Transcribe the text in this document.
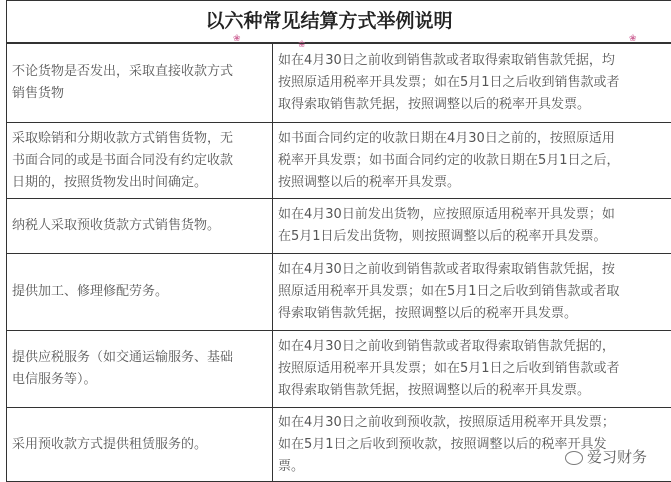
以六种常见结算方式举例说明
❀
❀
❀
不论货物是否发出，采取直接收款方式
销售货物	如在4月30日之前收到销售款或者取得索取销售款凭据，均
按照原适用税率开具发票；如在5月1日之后收到销售款或者
取得索取销售款凭据，按照调整以后的税率开具发票。

采取赊销和分期收款方式销售货物，无
书面合同的或是书面合同没有约定收款
日期的，按照货物发出时间确定。	如书面合同约定的收款日期在4月30日之前的，按照原适用
税率开具发票；如书面合同约定的收款日期在5月1日之后，
按照调整以后的税率开具发票。

纳税人采取预收货款方式销售货物。	如在4月30日前发出货物，应按照原适用税率开具发票；如
在5月1日后发出货物，则按照调整以后的税率开具发票。

提供加工、修理修配劳务。	如在4月30日之前收到销售款或者取得索取销售款凭据，按
照原适用税率开具发票；如在5月1日之后收到销售款或者取
得索取销售款凭据，按照调整以后的税率开具发票。

提供应税服务（如交通运输服务、基础
电信服务等）。	如在4月30日之前收到销售款或者取得索取销售款凭据的，
按照原适用税率开具发票；如在5月1日之后收到销售款或者
取得索取销售款凭据，按照调整以后的税率开具发票。

采用预收款方式提供租赁服务的。	如在4月30日之前收到预收款，按照原适用税率开具发票；
如在5月1日之后收到预收款，按照调整以后的税率开具发
票。	爱习财务
